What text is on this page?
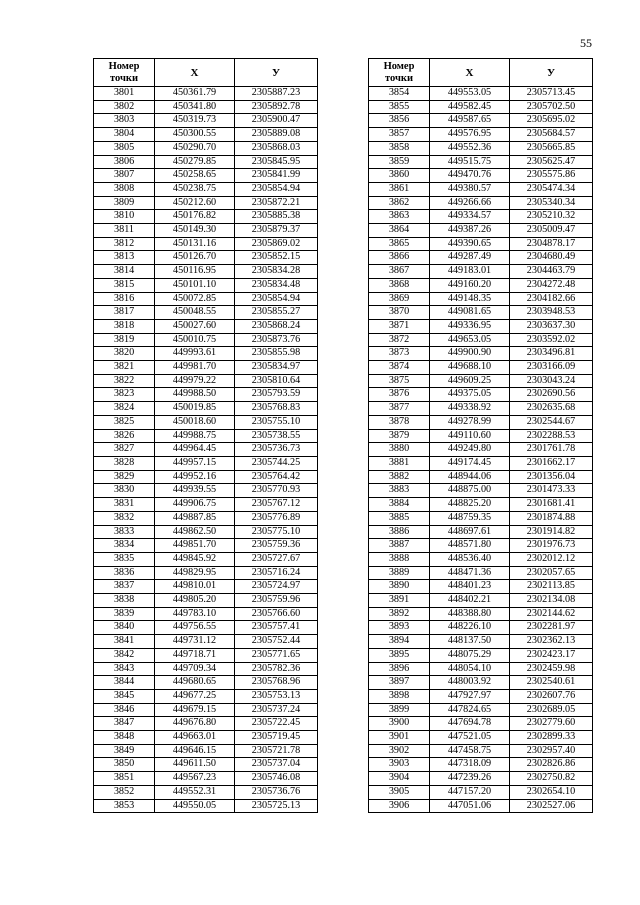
55
Номер
точки	X	У
3801	450361.79	2305887.23
3802	450341.80	2305892.78
3803	450319.73	2305900.47
3804	450300.55	2305889.08
3805	450290.70	2305868.03
3806	450279.85	2305845.95
3807	450258.65	2305841.99
3808	450238.75	2305854.94
3809	450212.60	2305872.21
3810	450176.82	2305885.38
3811	450149.30	2305879.37
3812	450131.16	2305869.02
3813	450126.70	2305852.15
3814	450116.95	2305834.28
3815	450101.10	2305834.48
3816	450072.85	2305854.94
3817	450048.55	2305855.27
3818	450027.60	2305868.24
3819	450010.75	2305873.76
3820	449993.61	2305855.98
3821	449981.70	2305834.97
3822	449979.22	2305810.64
3823	449988.50	2305793.59
3824	450019.85	2305768.83
3825	450018.60	2305755.10
3826	449988.75	2305738.55
3827	449964.45	2305736.73
3828	449957.15	2305744.25
3829	449952.16	2305764.42
3830	449939.55	2305770.93
3831	449906.75	2305767.12
3832	449887.85	2305776.89
3833	449862.50	2305775.10
3834	449851.70	2305759.36
3835	449845.92	2305727.67
3836	449829.95	2305716.24
3837	449810.01	2305724.97
3838	449805.20	2305759.96
3839	449783.10	2305766.60
3840	449756.55	2305757.41
3841	449731.12	2305752.44
3842	449718.71	2305771.65
3843	449709.34	2305782.36
3844	449680.65	2305768.96
3845	449677.25	2305753.13
3846	449679.15	2305737.24
3847	449676.80	2305722.45
3848	449663.01	2305719.45
3849	449646.15	2305721.78
3850	449611.50	2305737.04
3851	449567.23	2305746.08
3852	449552.31	2305736.76
3853	449550.05	2305725.13
Номер
точки	X	У
3854	449553.05	2305713.45
3855	449582.45	2305702.50
3856	449587.65	2305695.02
3857	449576.95	2305684.57
3858	449552.36	2305665.85
3859	449515.75	2305625.47
3860	449470.76	2305575.86
3861	449380.57	2305474.34
3862	449266.66	2305340.34
3863	449334.57	2305210.32
3864	449387.26	2305009.47
3865	449390.65	2304878.17
3866	449287.49	2304680.49
3867	449183.01	2304463.79
3868	449160.20	2304272.48
3869	449148.35	2304182.66
3870	449081.65	2303948.53
3871	449336.95	2303637.30
3872	449653.05	2303592.02
3873	449900.90	2303496.81
3874	449688.10	2303166.09
3875	449609.25	2303043.24
3876	449375.05	2302690.56
3877	449338.92	2302635.68
3878	449278.99	2302544.67
3879	449110.60	2302288.53
3880	449249.80	2301761.78
3881	449174.45	2301662.17
3882	448944.06	2301356.04
3883	448875.00	2301473.33
3884	448825.20	2301681.41
3885	448759.35	2301874.88
3886	448697.61	2301914.82
3887	448571.80	2301976.73
3888	448536.40	2302012.12
3889	448471.36	2302057.65
3890	448401.23	2302113.85
3891	448402.21	2302134.08
3892	448388.80	2302144.62
3893	448226.10	2302281.97
3894	448137.50	2302362.13
3895	448075.29	2302423.17
3896	448054.10	2302459.98
3897	448003.92	2302540.61
3898	447927.97	2302607.76
3899	447824.65	2302689.05
3900	447694.78	2302779.60
3901	447521.05	2302899.33
3902	447458.75	2302957.40
3903	447318.09	2302826.86
3904	447239.26	2302750.82
3905	447157.20	2302654.10
3906	447051.06	2302527.06
